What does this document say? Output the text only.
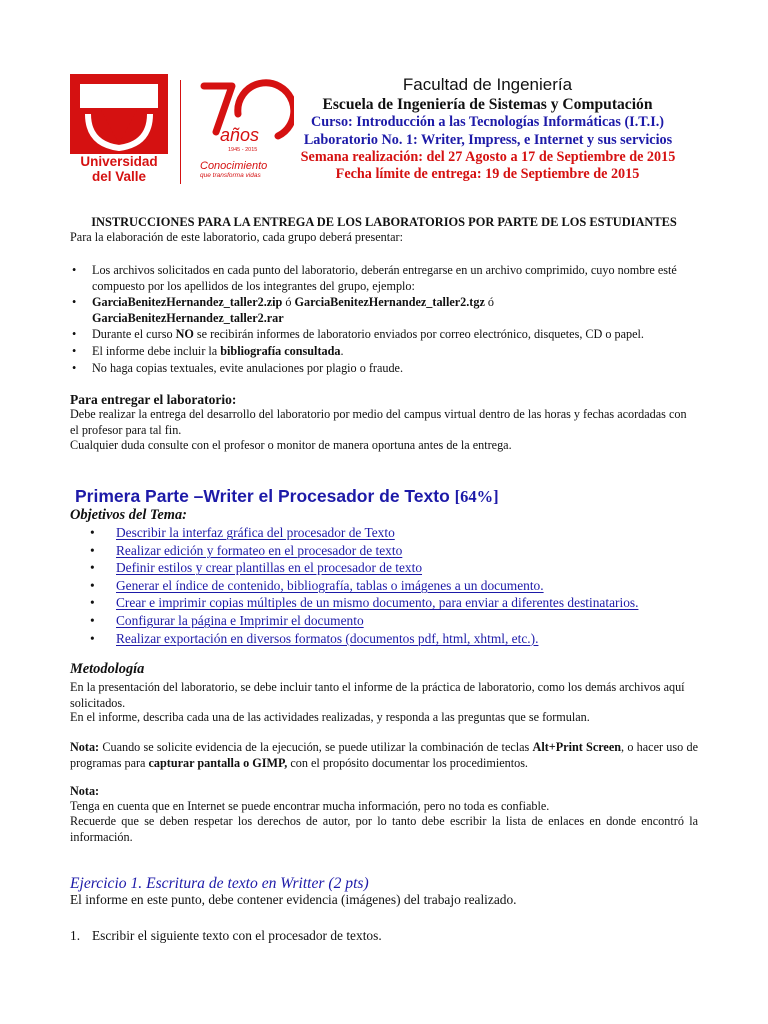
Universidad
del Valle
años
1945 - 2015
Conocimiento
que transforma vidas
Facultad de Ingeniería
Escuela de Ingeniería de Sistemas y Computación
Curso: Introducción a las Tecnologías Informáticas (I.T.I.)
Laboratorio No. 1: Writer, Impress, e Internet y sus servicios
Semana realización: del 27 Agosto a 17 de Septiembre de 2015
Fecha límite de entrega: 19 de Septiembre de 2015
INSTRUCCIONES PARA LA ENTREGA DE LOS LABORATORIOS POR PARTE DE LOS ESTUDIANTES
Para la elaboración de este laboratorio, cada grupo deberá presentar:
• Los archivos solicitados en cada punto del laboratorio, deberán entregarse en un archivo comprimido, cuyo nombre esté compuesto por los apellidos de los integrantes del grupo, ejemplo:
• GarciaBenitezHernandez_taller2.zip ó GarciaBenitezHernandez_taller2.tgz ó
GarciaBenitezHernandez_taller2.rar
• Durante el curso NO se recibirán informes de laboratorio enviados por correo electrónico, disquetes, CD o papel.
• El informe debe incluir la bibliografía consultada.
• No haga copias textuales, evite anulaciones por plagio o fraude.
Para entregar el laboratorio:
Debe realizar la entrega del desarrollo del laboratorio por medio del campus virtual dentro de las horas y fechas acordadas con el profesor para tal fin.
Cualquier duda consulte con el profesor o monitor de manera oportuna antes de la entrega.
Primera Parte –Writer el Procesador de Texto [64%]
Objetivos del Tema:
• Describir la interfaz gráfica del procesador de Texto
• Realizar edición y formateo en el procesador de texto
• Definir estilos y crear plantillas en el procesador de texto
• Generar el índice de contenido, bibliografía, tablas o imágenes a un documento.
• Crear e imprimir copias múltiples de un mismo documento, para enviar a diferentes destinatarios.
• Configurar la página e Imprimir el documento
• Realizar exportación en diversos formatos (documentos pdf, html, xhtml, etc.).
Metodología
En la presentación del laboratorio, se debe incluir tanto el informe de la práctica de laboratorio, como los demás archivos aquí solicitados.
En el informe, describa cada una de las actividades realizadas, y responda a las preguntas que se formulan.
Nota: Cuando se solicite evidencia de la ejecución, se puede utilizar la combinación de teclas Alt+Print Screen, o hacer uso de programas para capturar pantalla o GIMP, con el propósito documentar los procedimientos.
Nota:
Tenga en cuenta que en Internet se puede encontrar mucha información, pero no toda es confiable.
Recuerde que se deben respetar los derechos de autor, por lo tanto debe escribir la lista de enlaces en donde encontró la información.
Ejercicio 1. Escritura de texto en Writter (2 pts)
El informe en este punto, debe contener evidencia (imágenes) del trabajo realizado.
1. Escribir el siguiente texto con el procesador de textos.
